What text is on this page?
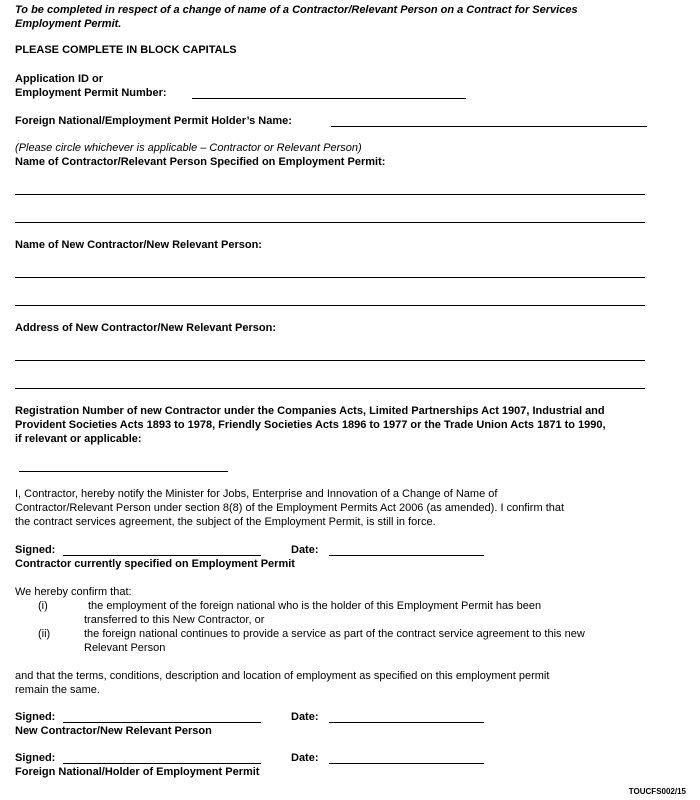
To be completed in respect of a change of name of a Contractor/Relevant Person on a Contract for Services
Employment Permit.
PLEASE COMPLETE IN BLOCK CAPITALS
Application ID or
Employment Permit Number:
Foreign National/Employment Permit Holder’s Name:
(Please circle whichever is applicable – Contractor or Relevant Person)
Name of Contractor/Relevant Person Specified on Employment Permit:
Name of New Contractor/New Relevant Person:
Address of New Contractor/New Relevant Person:
Registration Number of new Contractor under the Companies Acts, Limited Partnerships Act 1907, Industrial and
Provident Societies Acts 1893 to 1978, Friendly Societies Acts 1896 to 1977 or the Trade Union Acts 1871 to 1990,
if relevant or applicable:
I, Contractor, hereby notify the Minister for Jobs, Enterprise and Innovation of a Change of Name of
Contractor/Relevant Person under section 8(8) of the Employment Permits Act 2006 (as amended). I confirm that
the contract services agreement, the subject of the Employment Permit, is still in force.
Signed:	Date:
Contractor currently specified on Employment Permit
We hereby confirm that:
(i)	the employment of the foreign national who is the holder of this Employment Permit has been
transferred to this New Contractor, or
(ii)	the foreign national continues to provide a service as part of the contract service agreement to this new
Relevant Person
and that the terms, conditions, description and location of employment as specified on this employment permit
remain the same.
Signed:	Date:
New Contractor/New Relevant Person
Signed:	Date:
Foreign National/Holder of Employment Permit
TOUCFS002/15
